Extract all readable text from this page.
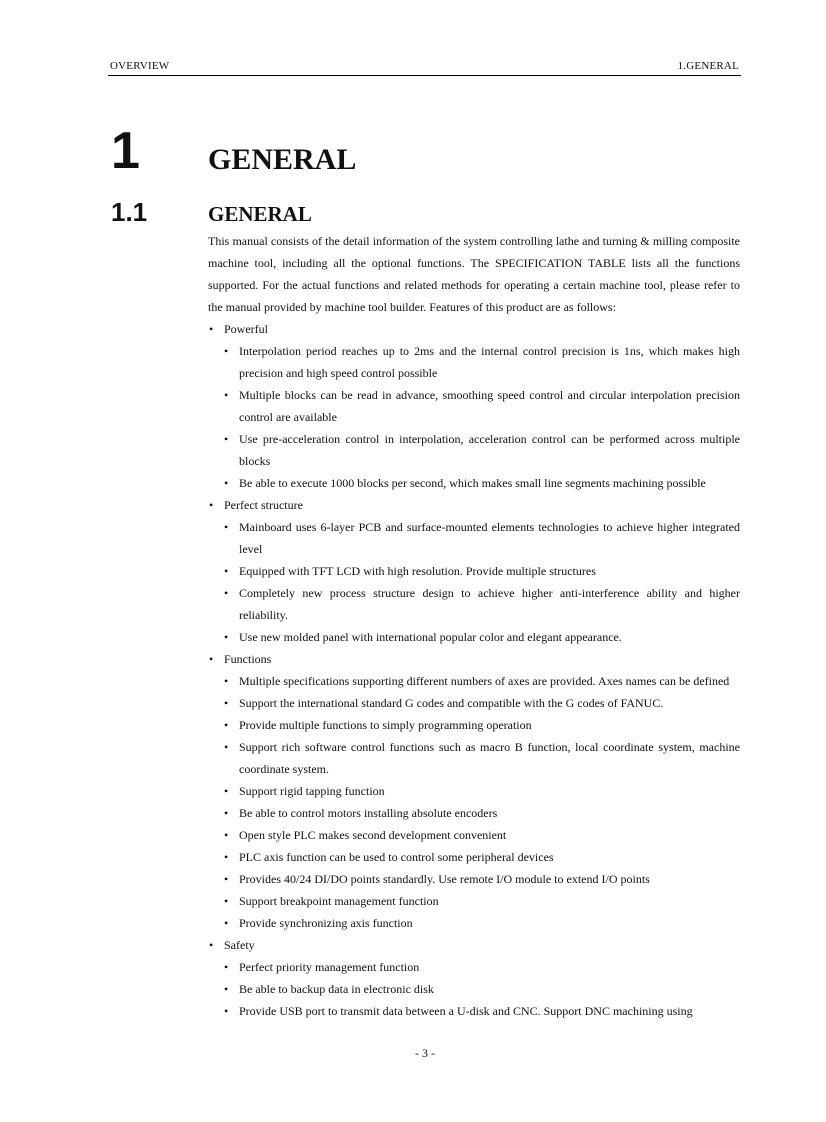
OVERVIEW	1.GENERAL
1 GENERAL
1.1	GENERAL

This manual consists of the detail information of the system controlling lathe and turning & milling composite machine tool, including all the optional functions. The SPECIFICATION TABLE lists all the functions supported. For the actual functions and related methods for operating a certain machine tool, please refer to the manual provided by machine tool builder. Features of this product are as follows:

• Powerful
• Interpolation period reaches up to 2ms and the internal control precision is 1ns, which makes high precision and high speed control possible
• Multiple blocks can be read in advance, smoothing speed control and circular interpolation precision control are available
• Use pre-acceleration control in interpolation, acceleration control can be performed across multiple blocks
• Be able to execute 1000 blocks per second, which makes small line segments machining possible
• Perfect structure
• Mainboard uses 6-layer PCB and surface-mounted elements technologies to achieve higher integrated level
• Equipped with TFT LCD with high resolution. Provide multiple structures
• Completely new process structure design to achieve higher anti-interference ability and higher reliability.
• Use new molded panel with international popular color and elegant appearance.
• Functions
• Multiple specifications supporting different numbers of axes are provided. Axes names can be defined
• Support the international standard G codes and compatible with the G codes of FANUC.
• Provide multiple functions to simply programming operation
• Support rich software control functions such as macro B function, local coordinate system, machine coordinate system.
• Support rigid tapping function
• Be able to control motors installing absolute encoders
• Open style PLC makes second development convenient
• PLC axis function can be used to control some peripheral devices
• Provides 40/24 DI/DO points standardly. Use remote I/O module to extend I/O points
• Support breakpoint management function
• Provide synchronizing axis function
• Safety
• Perfect priority management function
• Be able to backup data in electronic disk
• Provide USB port to transmit data between a U-disk and CNC. Support DNC machining using
- 3 -
